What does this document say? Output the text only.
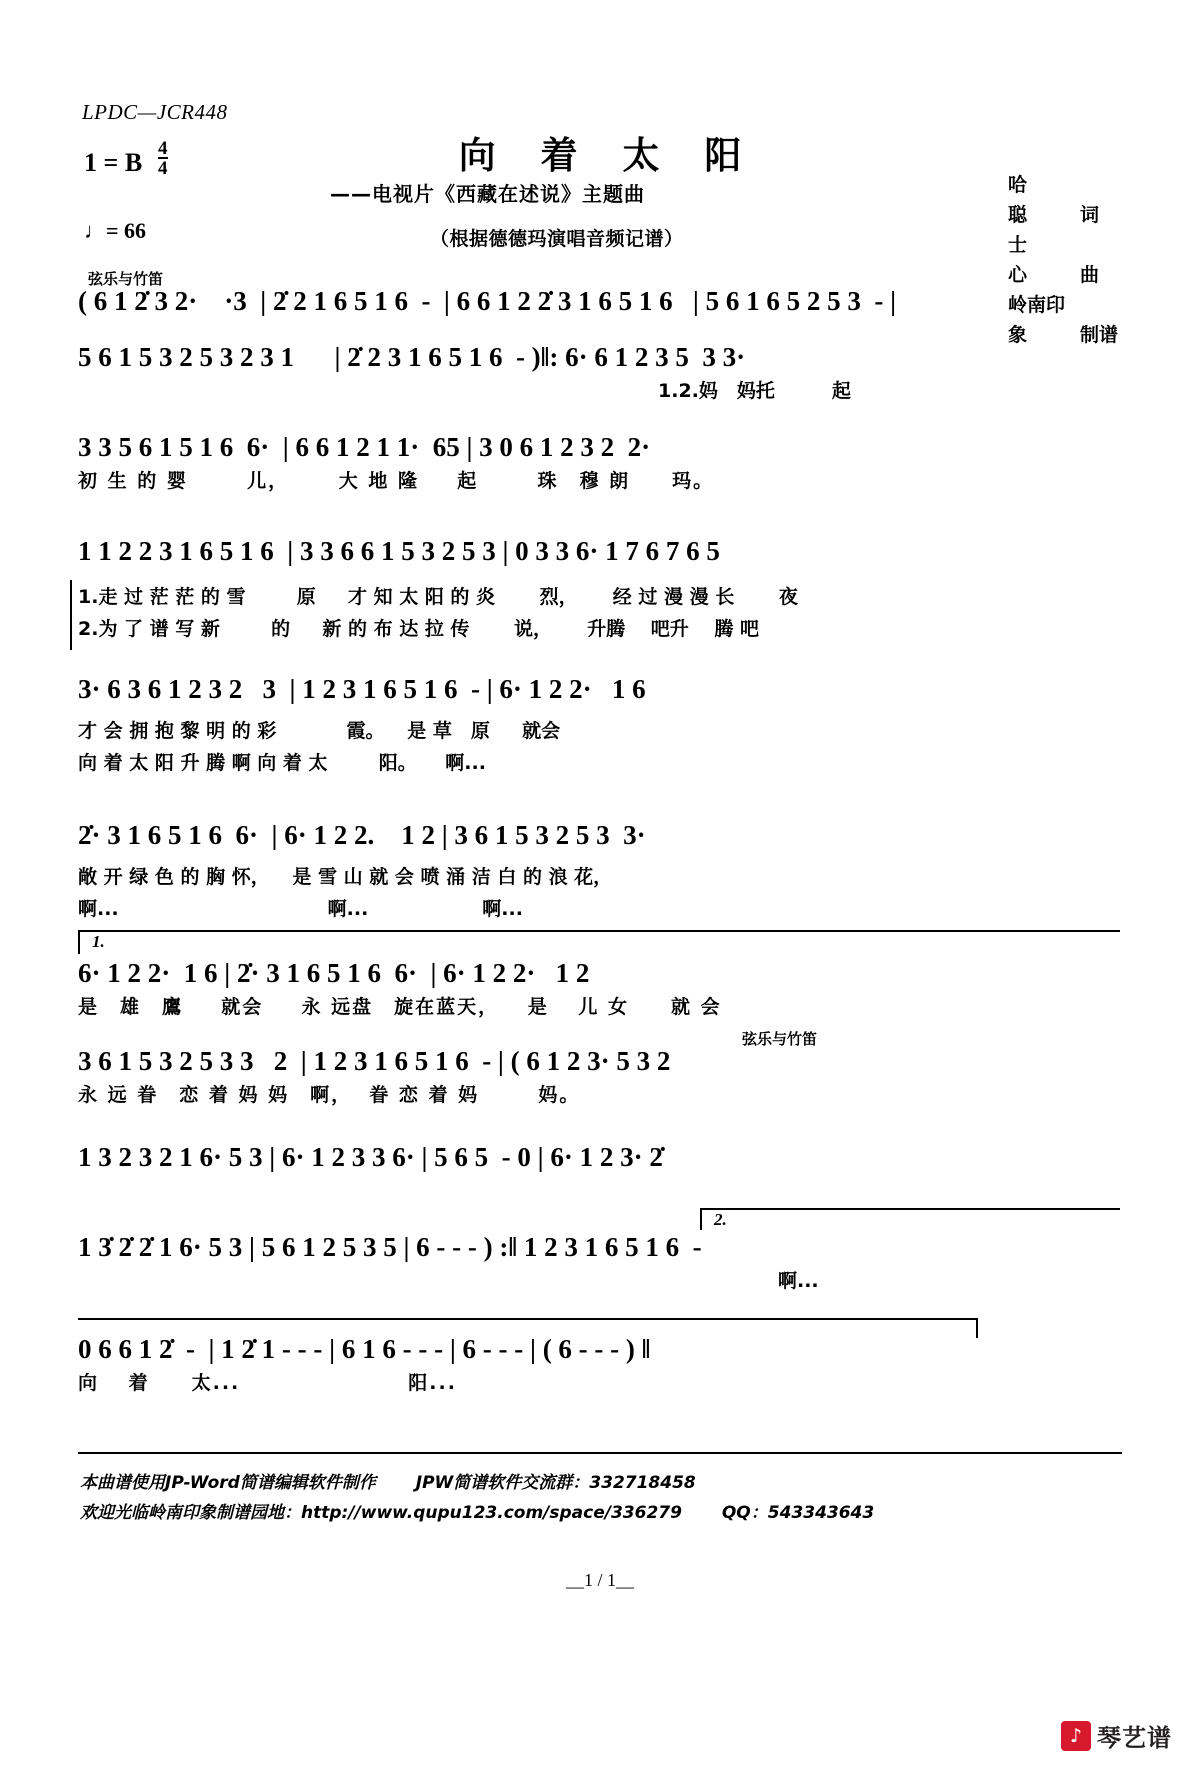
LPDC—JCR448
向 着 太 阳
——电视片《西藏在述说》主题曲
（根据德德玛演唱音频记谱）
1 = B $\frac{4}{4}$
♩= 66
哈　　聪	词
士　　心	曲
岭南印象	制谱
弦乐与竹笛
( 6 1 2̇ 3 2·    ·3  | 2̇ 2 1 6 5 1 6  -  | 6 6 1 2 2̇ 3 1 6 5 1 6   | 5 6 1 6 5 2 5 3  - |
5 6 1 5 3 2 5 3 2 3 1      | 2̇ 2 3 1 6 5 1 6  - )‖: 6· 6 1 2 3 5  3 3·
1.2.妈　妈托　　　起
3 3 5 6 1 5 1 6  6·  | 6 6 1 2 1 1·  65 | 3 0 6 1 2 3 2  2·
初 生 的 婴　　  儿，　　  大 地 隆　  起　　  珠　穆 朗　　玛。
1 1 2 2 3 1 6 5 1 6  | 3 3 6 6 1 5 3 2 5 3 | 0 3 3 6· 1 7 6 7 6 5
1.走 过 茫 茫 的 雪　　  原　  才 知 太 阳 的 炎　　 烈，　　 经 过 漫 漫 长　　 夜
2.为 了 谱 写 新　　  的　  新 的 布 达 拉 传　　 说，　　 升腾　 吧升　 腾 吧
3· 6 3 6 1 2 3 2   3  | 1 2 3 1 6 5 1 6  - | 6· 1 2 2·   1 6
才 会 拥 抱 黎 明 的 彩　　　  霞。　  是 草　原　  就会
向 着 太 阳 升 腾 啊 向 着 太　　  阳。　　啊...
2̇· 3 1 6 5 1 6  6·  | 6· 1 2 2.    1 2 | 3 6 1 5 3 2 5 3  3·
敞 开 绿 色 的 胸 怀，　  是 雪 山 就 会 喷 涌 洁 白 的 浪 花，
啊...　　　　　　　　　　　啊...　　　　　　啊...
1.
6· 1 2 2·  1 6 | 2̇· 3 1 6 5 1 6  6·  | 6· 1 2 2·   1 2
是　雄　鷹　  就会　  永 远盘　旋在蓝天，　  是　 儿 女　　就 会
弦乐与竹笛
3 6 1 5 3 2 5 3 3   2  | 1 2 3 1 6 5 1 6  - | ( 6 1 2 3· 5 3 2
永 远 眷　恋 着 妈 妈　啊，  眷 恋 着 妈　　  妈。
1 3 2 3 2 1 6· 5 3 | 6· 1 2 3 3 6· | 5 6 5  - 0 | 6· 1 2 3· 2̇
2.
1 3̇ 2̇ 2̇ 1 6· 5 3 | 5 6 1 2 5 3 5 | 6 - - - ) :‖ 1 2 3 1 6 5 1 6  -
啊...
0 6 6 1 2̇  -  | 1 2̇ 1 - - - | 6 1 6 - - - | 6 - - - | ( 6 - - - ) ‖
向　 着　　太...　　　　　　　　阳...
本曲谱使用JP-Word简谱编辑软件制作　　 JPW简谱软件交流群：332718458
欢迎光临岭南印象制谱园地：http://www.qupu123.com/space/336279　　 QQ：543343643
__1 / 1__
♪ 琴艺谱
